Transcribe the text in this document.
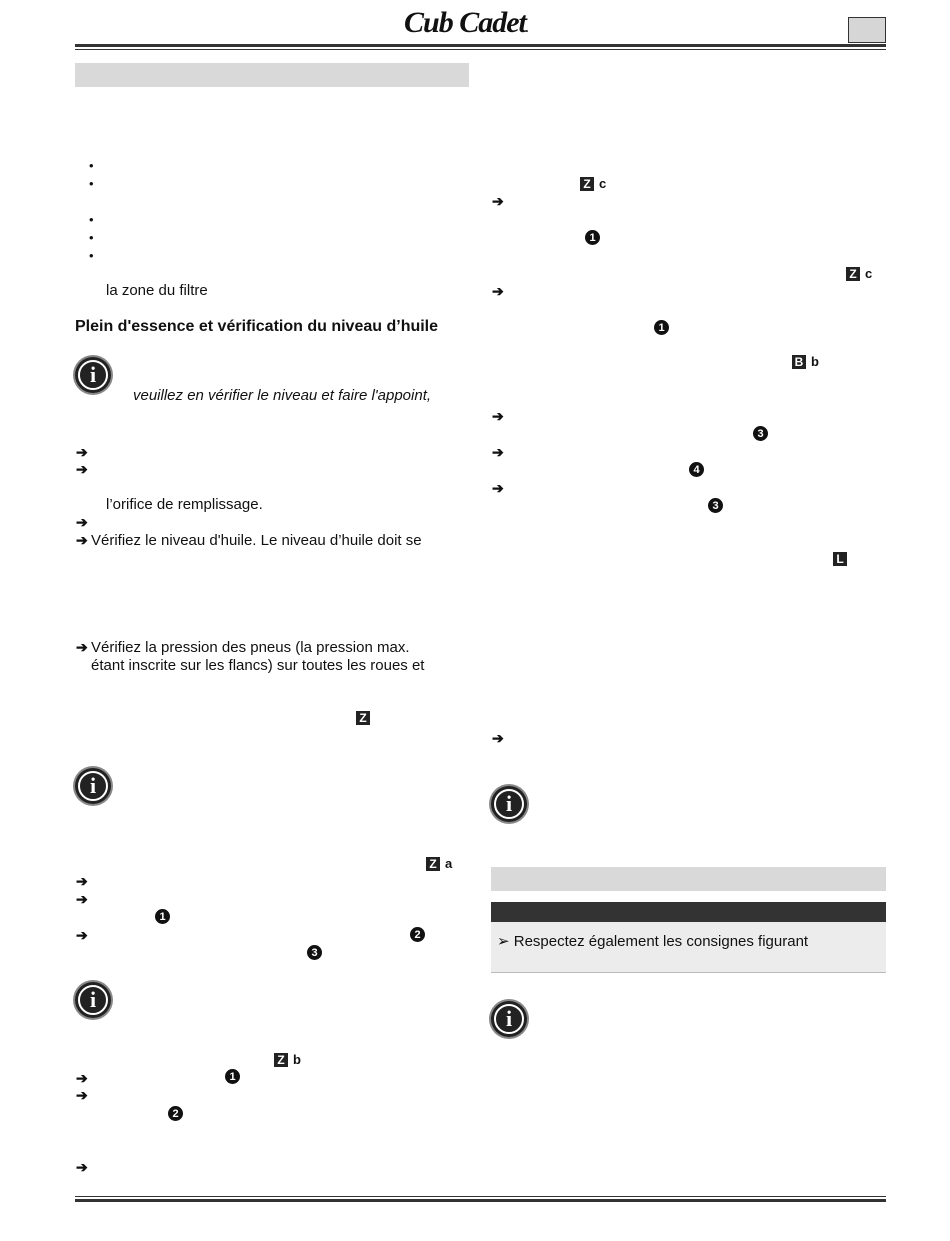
Cub Cadet.
•
•
•
•
•
la zone du filtre
Plein d'essence et vérification du niveau d’huile
i
veuillez en vérifier le niveau et faire l'appoint,
➔
➔
l’orifice de remplissage.
➔
➔ Vérifiez le niveau d'huile. Le niveau d’huile doit se
➔ Vérifiez la pression des pneus (la pression max.
étant inscrite sur les flancs) sur toutes les roues et
Z
i
Z a
➔
➔
1
➔	2
3
i
Z b
➔	1
➔
2
➔
Z c
➔
1
Z c
➔
1
B b
➔
3
➔
4
➔
3
L
➔
i
➢ Respectez également les consignes figurant
i
